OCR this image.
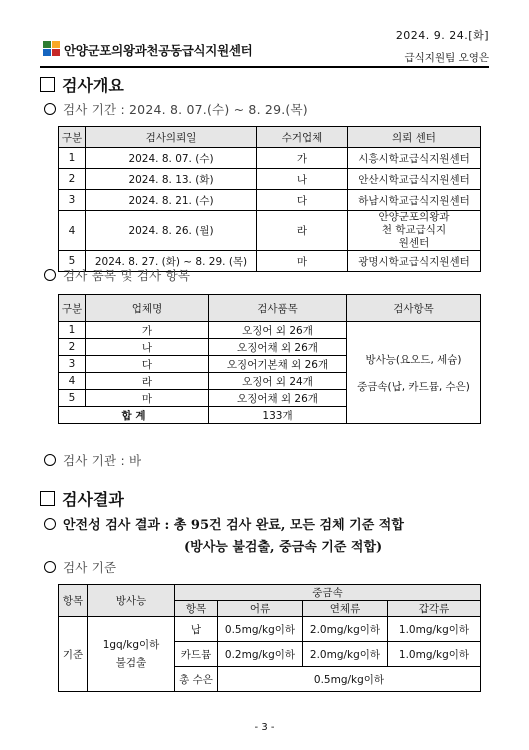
안양군포의왕과천공동급식지원센터
2024. 9. 24.[화]
급식지원팀 오영은
검사개요
검사 기간 : 2024. 8. 07.(수) ~ 8. 29.(목)
구분	검사의뢰일	수거업체	의뢰 센터
1	2024. 8. 07. (수)	가	시흥시학교급식지원센터
2	2024. 8. 13. (화)	나	안산시학교급식지원센터
3	2024. 8. 21. (수)	다	하남시학교급식지원센터
4	2024. 8. 26. (월)	라	안양군포의왕과천 학교급식지원센터
5	2024. 8. 27. (화) ~ 8. 29. (목)	마	광명시학교급식지원센터
검사 품목 및 검사 항목
구분	업체명	검사품목	검사항목
1	가	오징어 외 26개	방사능(요오드, 세슘)
중금속(납, 카드뮴, 수은)

2	나	오징어채 외 26개	
3	다	오징어기본채 외 26개	
4	라	오징어 외 24개	
5	마	오징어채 외 26개	
합 계		133개	
검사 기관 : 바
검사결과
안전성 검사 결과 : 총 95건 검사 완료, 모든 검체 기준 적합
(방사능 불검출, 중금속 기준 적합)
검사 기준
항목	방사능	중금속			
		항목	어류	연체류	갑각류
기준	1gq/kg이하 불검출	납	0.5mg/kg이하	2.0mg/kg이하	1.0mg/kg이하
		카드뮴	0.2mg/kg이하	2.0mg/kg이하	1.0mg/kg이하
		총 수은	0.5mg/kg이하		
- 3 -
